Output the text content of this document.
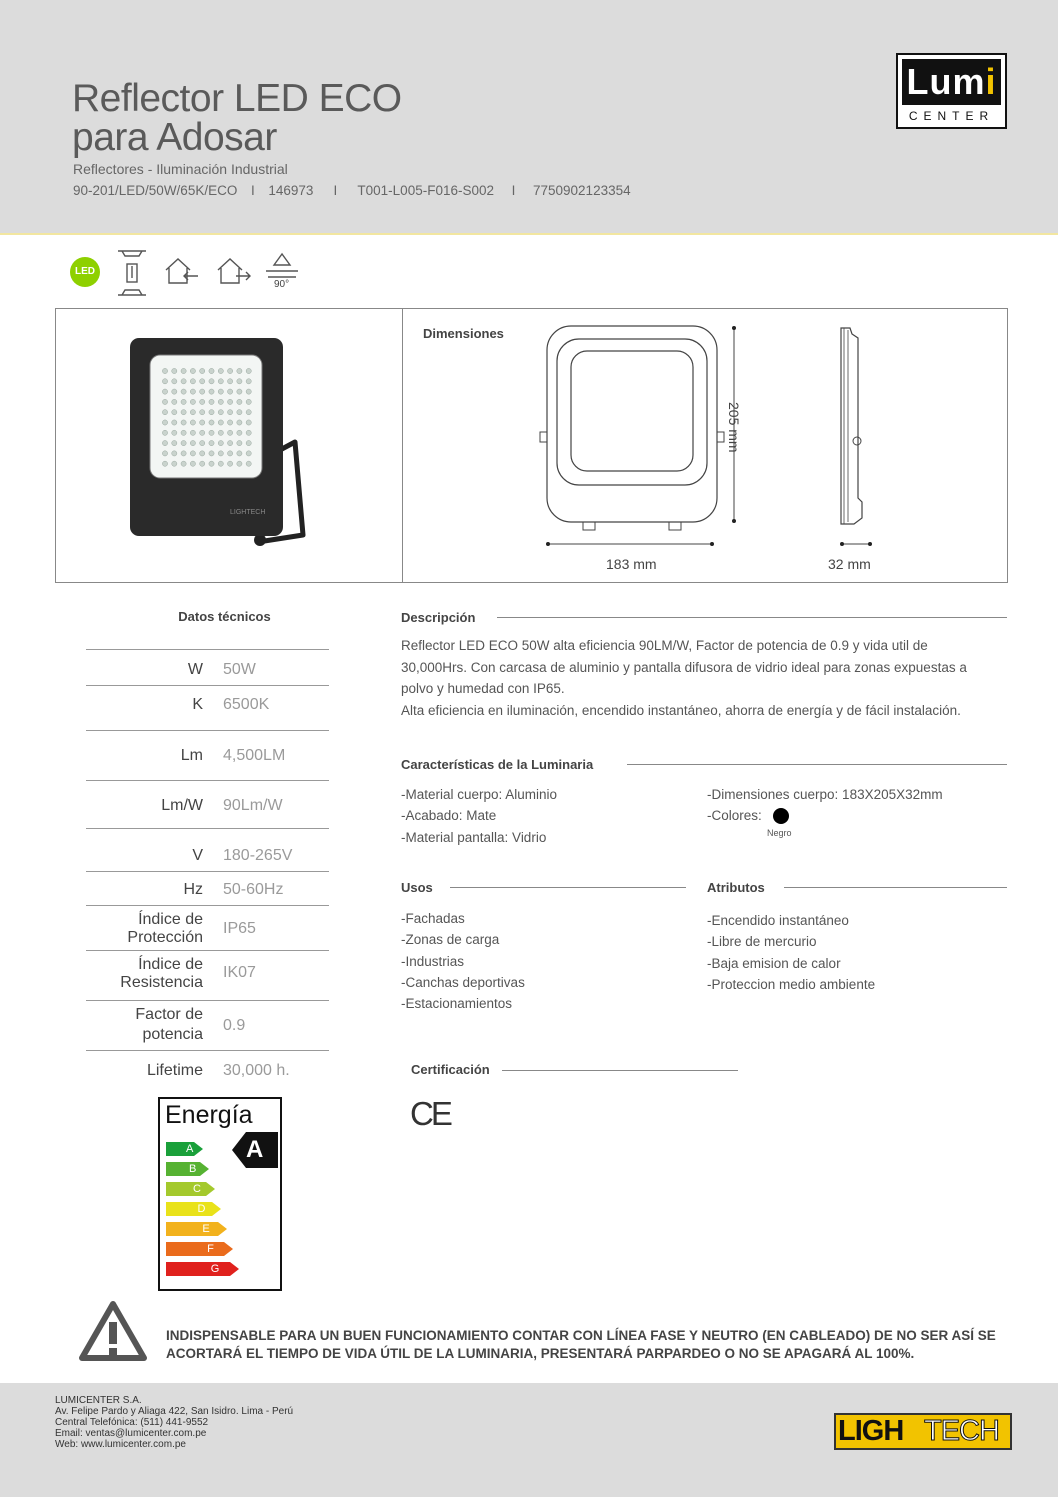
Reflector LED ECO
para Adosar
Reflectores - Iluminación Industrial
90-201/LED/50W/65K/ECO	I	146973	I	T001-L005-F016-S002	I	7750902123354
Lumi
CENTER
LED
90°
LIGHTECH
Dimensiones
205 mm
183 mm	32 mm
Datos técnicos
W 50W
K 6500K
Lm 4,500LM
Lm/W 90Lm/W
V 180-265V
Hz 50-60Hz
Índice de
Protección
IP65
Índice de
Resistencia
IK07
Factor de
potencia
0.9
Lifetime 30,000 h.
Energía
A
B
C
D
E
F
G
A
Descripción
Reflector LED ECO 50W alta eficiencia 90LM/W, Factor de potencia de 0.9 y vida util de
30,000Hrs. Con carcasa de aluminio y pantalla difusora de vidrio ideal para zonas expuestas a
polvo y humedad con IP65.
Alta eficiencia en iluminación, encendido instantáneo, ahorra de energía y de fácil instalación.
Características de la Luminaria
-Material cuerpo: Aluminio
-Acabado: Mate
-Material pantalla: Vidrio
-Dimensiones cuerpo: 183X205X32mm
-Colores:
Negro
Usos
-Fachadas
-Zonas de carga
-Industrias
-Canchas deportivas
-Estacionamientos
Atributos
-Encendido instantáneo
-Libre de mercurio
-Baja emision de calor
-Proteccion medio ambiente
Certificación
CE
INDISPENSABLE PARA UN BUEN FUNCIONAMIENTO CONTAR CON LÍNEA FASE Y NEUTRO (EN CABLEADO) DE NO SER ASÍ SE
ACORTARÁ EL TIEMPO DE VIDA ÚTIL DE LA LUMINARIA, PRESENTARÁ PARPARDEO O NO SE APAGARÁ AL 100%.
LUMICENTER S.A.
Av. Felipe Pardo y Aliaga 422, San Isidro. Lima - Perú
Central Telefónica: (511) 441-9552
Email: ventas@lumicenter.com.pe
Web: www.lumicenter.com.pe	LIGH TECH
